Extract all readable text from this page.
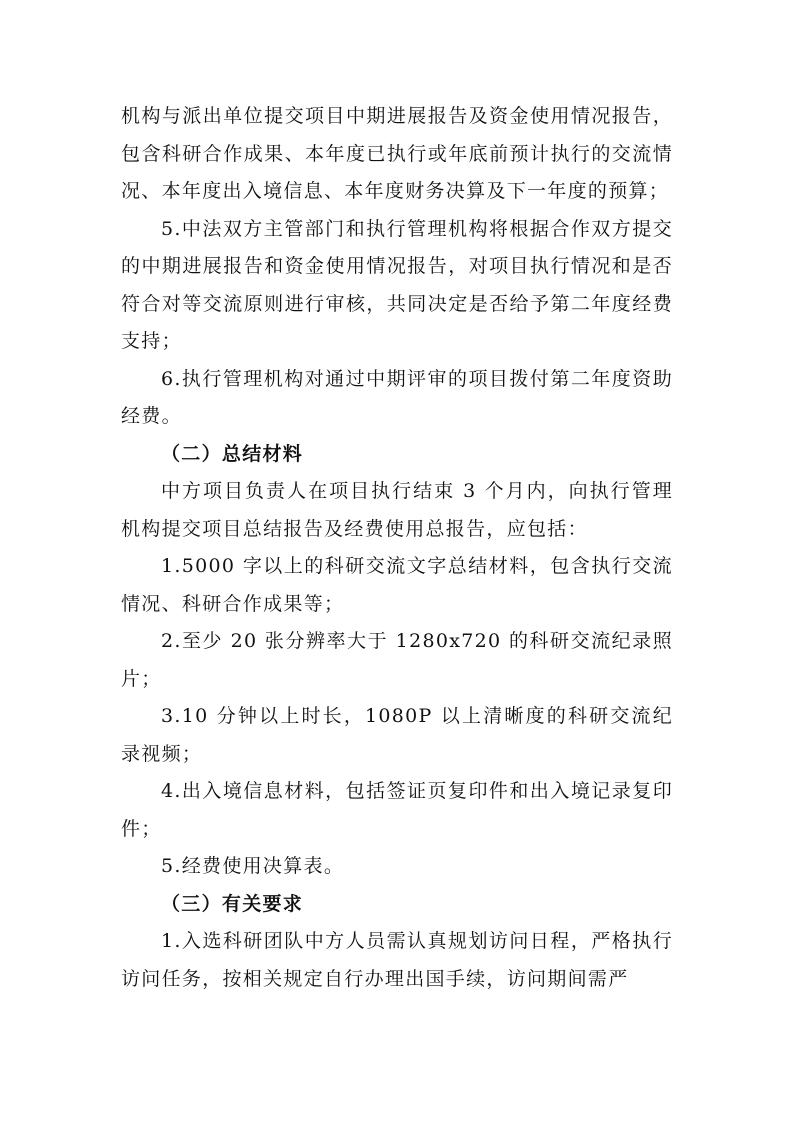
机构与派出单位提交项目中期进展报告及资金使用情况报告，包含科研合作成果、本年度已执行或年底前预计执行的交流情况、本年度出入境信息、本年度财务决算及下一年度的预算；

5.中法双方主管部门和执行管理机构将根据合作双方提交的中期进展报告和资金使用情况报告，对项目执行情况和是否符合对等交流原则进行审核，共同决定是否给予第二年度经费支持；

6.执行管理机构对通过中期评审的项目拨付第二年度资助经费。

（二）总结材料

中方项目负责人在项目执行结束 3 个月内，向执行管理机构提交项目总结报告及经费使用总报告，应包括：

1.5000 字以上的科研交流文字总结材料，包含执行交流情况、科研合作成果等；

2.至少 20 张分辨率大于 1280x720 的科研交流纪录照片；

3.10 分钟以上时长，1080P 以上清晰度的科研交流纪录视频；

4.出入境信息材料，包括签证页复印件和出入境记录复印件；

5.经费使用决算表。

（三）有关要求

1.入选科研团队中方人员需认真规划访问日程，严格执行访问任务，按相关规定自行办理出国手续，访问期间需严
